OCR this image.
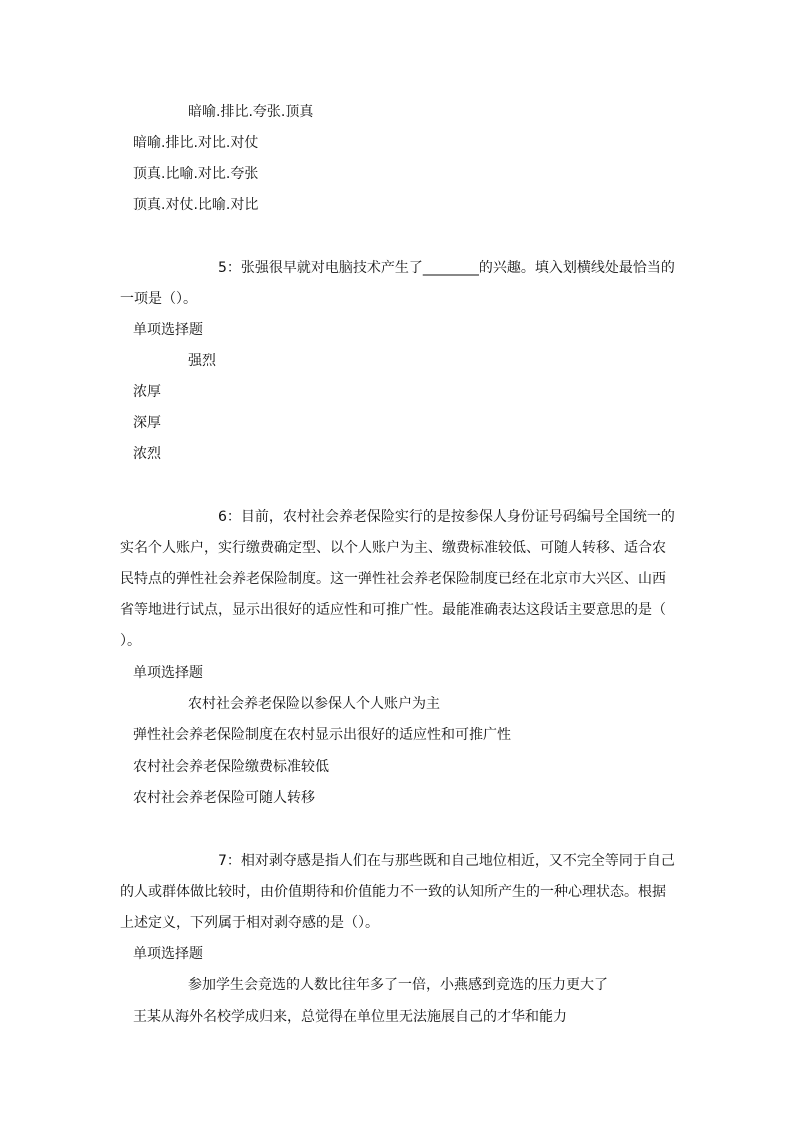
暗喻.排比.夸张.顶真
暗喻.排比.对比.对仗
顶真.比喻.对比.夸张
顶真.对仗.比喻.对比
5：张强很早就对电脑技术产生了________的兴趣。填入划横线处最恰当的
一项是（）。
单项选择题
强烈
浓厚
深厚
浓烈
6：目前，农村社会养老保险实行的是按参保人身份证号码编号全国统一的
实名个人账户，实行缴费确定型、以个人账户为主、缴费标准较低、可随人转移、适合农
民特点的弹性社会养老保险制度。这一弹性社会养老保险制度已经在北京市大兴区、山西
省等地进行试点，显示出很好的适应性和可推广性。最能准确表达这段话主要意思的是（
）。
单项选择题
农村社会养老保险以参保人个人账户为主
弹性社会养老保险制度在农村显示出很好的适应性和可推广性
农村社会养老保险缴费标准较低
农村社会养老保险可随人转移
7：相对剥夺感是指人们在与那些既和自己地位相近，又不完全等同于自己
的人或群体做比较时，由价值期待和价值能力不一致的认知所产生的一种心理状态。根据
上述定义，下列属于相对剥夺感的是（）。
单项选择题
参加学生会竞选的人数比往年多了一倍，小燕感到竞选的压力更大了
王某从海外名校学成归来，总觉得在单位里无法施展自己的才华和能力
